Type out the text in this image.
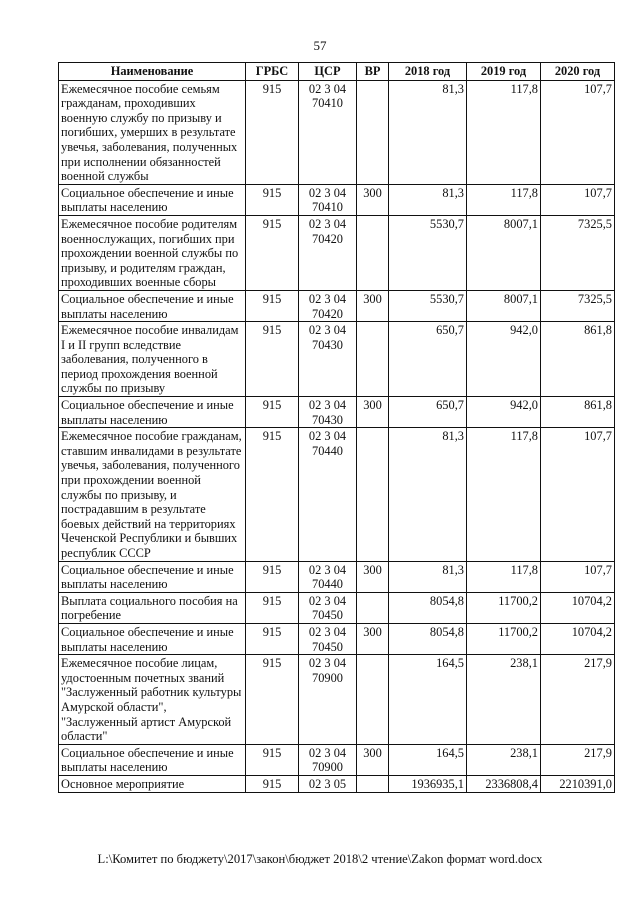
57
Наименование	ГРБС	ЦСР	ВР	2018 год	2019 год	2020 год
Ежемесячное пособие семьям гражданам, проходивших военную службу по призыву и погибших, умерших в результате увечья, заболевания, полученных при исполнении обязанностей военной службы	915	02 3 04 70410		81,3	117,8	107,7
Социальное обеспечение и иные выплаты населению	915	02 3 04 70410	300	81,3	117,8	107,7
Ежемесячное пособие родителям военнослужащих, погибших при прохождении военной службы по призыву, и родителям граждан, проходивших военные сборы	915	02 3 04 70420		5530,7	8007,1	7325,5
Социальное обеспечение и иные выплаты населению	915	02 3 04 70420	300	5530,7	8007,1	7325,5
Ежемесячное пособие инвалидам I и II групп вследствие заболевания, полученного в период прохождения военной службы по призыву	915	02 3 04 70430		650,7	942,0	861,8
Социальное обеспечение и иные выплаты населению	915	02 3 04 70430	300	650,7	942,0	861,8
Ежемесячное пособие гражданам, ставшим инвалидами в результате увечья, заболевания, полученного при прохождении военной службы по призыву, и пострадавшим в результате боевых действий на территориях Чеченской Республики и бывших республик СССР	915	02 3 04 70440		81,3	117,8	107,7
Социальное обеспечение и иные выплаты населению	915	02 3 04 70440	300	81,3	117,8	107,7
Выплата социального пособия на погребение	915	02 3 04 70450		8054,8	11700,2	10704,2
Социальное обеспечение и иные выплаты населению	915	02 3 04 70450	300	8054,8	11700,2	10704,2
Ежемесячное пособие лицам, удостоенным почетных званий "Заслуженный работник культуры Амурской области", "Заслуженный артист Амурской области"	915	02 3 04 70900		164,5	238,1	217,9
Социальное обеспечение и иные выплаты населению	915	02 3 04 70900	300	164,5	238,1	217,9
Основное мероприятие	915	02 3 05		1936935,1	2336808,4	2210391,0
L:\Комитет по бюджету\2017\закон\бюджет 2018\2 чтение\Zakon формат word.docx
